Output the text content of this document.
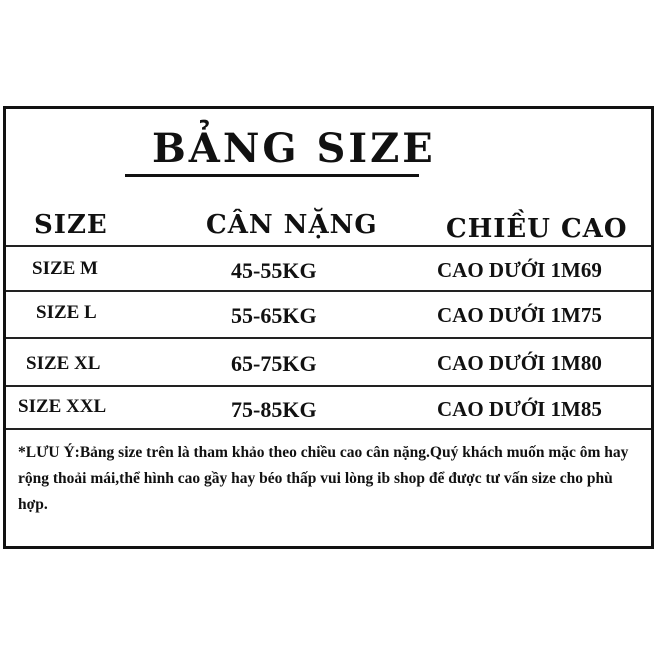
BẢNG SIZE
SIZE	CÂN NẶNG	CHIỀU CAO
SIZE M	45-55KG	CAO DƯỚI 1M69
SIZE L	55-65KG	CAO DƯỚI 1M75
SIZE XL	65-75KG	CAO DƯỚI 1M80
SIZE XXL	75-85KG	CAO DƯỚI 1M85
*LƯU Ý:Bảng size trên là tham khảo theo chiều cao cân nặng.Quý khách muốn mặc ôm hay rộng thoải mái,thể hình cao gầy hay béo thấp vui lòng ib shop để được tư vấn size cho phù hợp.
